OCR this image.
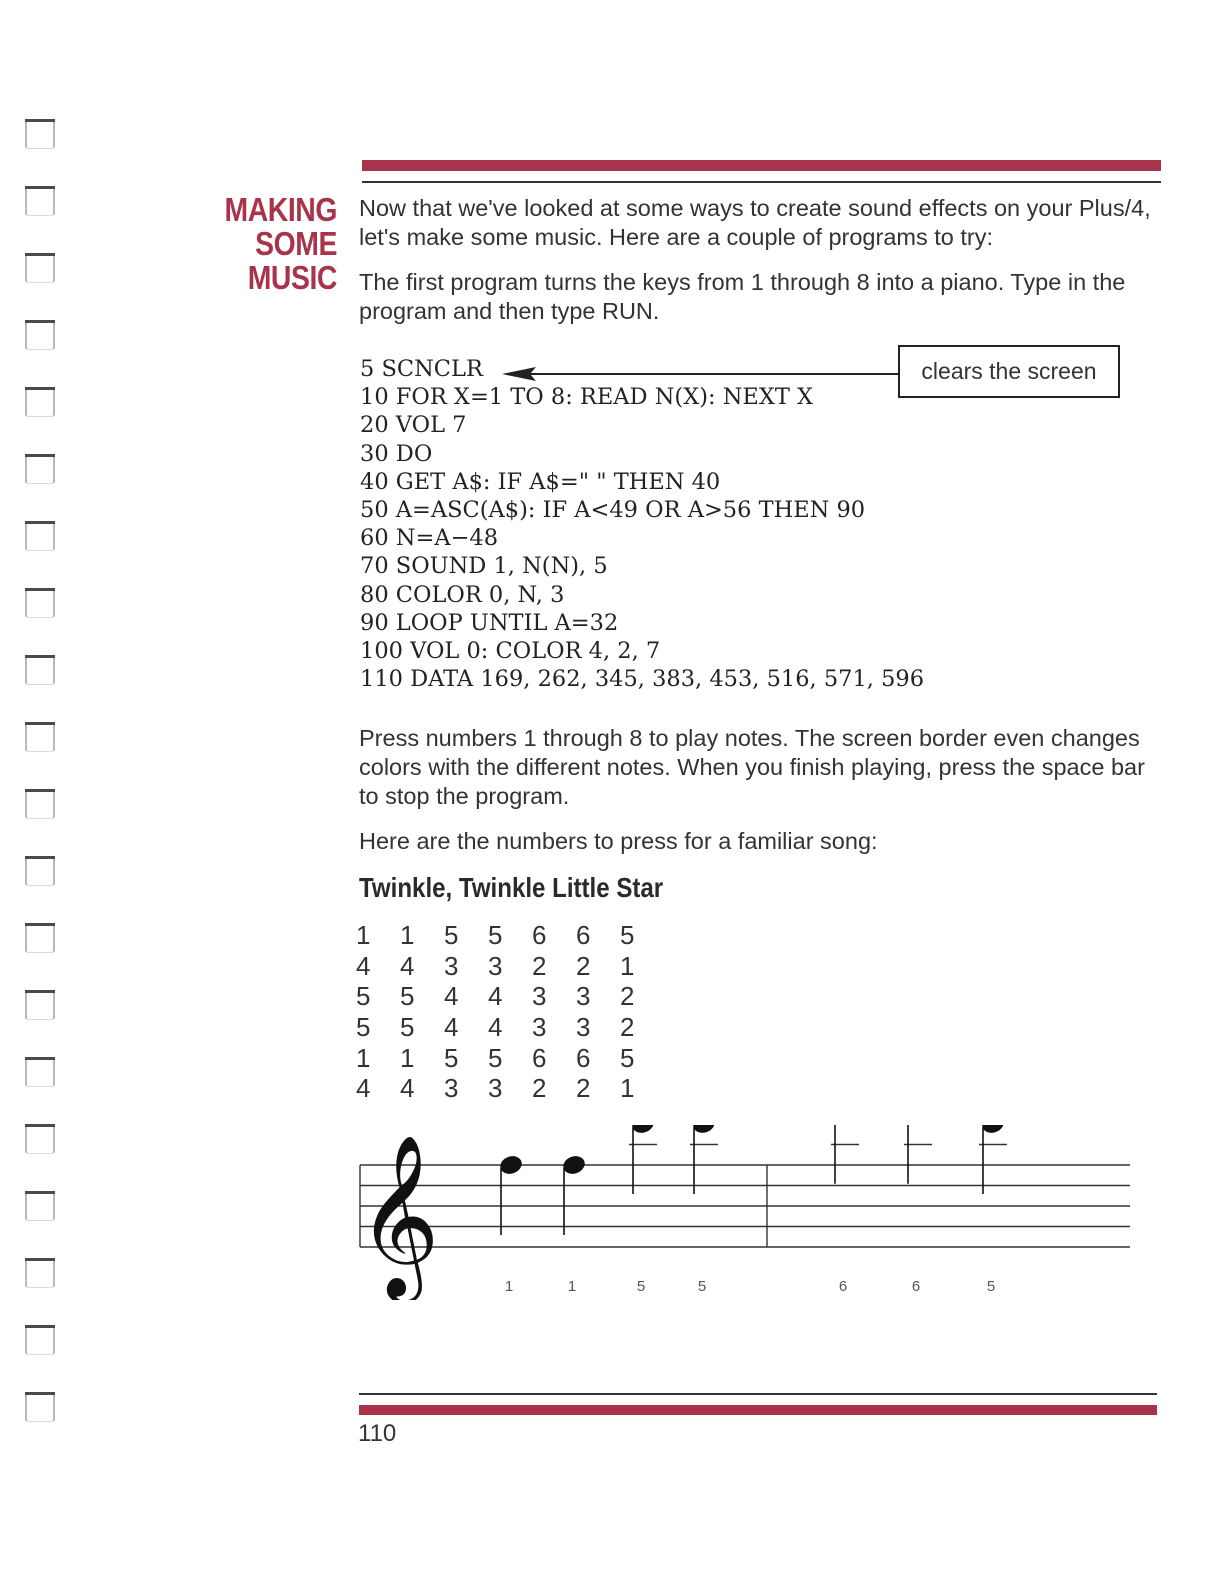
MAKING
SOME
MUSIC

Now that we've looked at some ways to create sound effects on your Plus/4, let's make some music. Here are a couple of programs to try:

The first program turns the keys from 1 through 8 into a piano. Type in the program and then type RUN.

5 SCNCLR
10 FOR X=1 TO 8: READ N(X): NEXT X
20 VOL 7
30 DO
40 GET A$: IF A$=" " THEN 40
50 A=ASC(A$): IF A<49 OR A>56 THEN 90
60 N=A−48
70 SOUND 1, N(N), 5
80 COLOR 0, N, 3
90 LOOP UNTIL A=32
100 VOL 0: COLOR 4, 2, 7
110 DATA 169, 262, 345, 383, 453, 516, 571, 596
clears the screen

Press numbers 1 through 8 to play notes. The screen border even changes colors with the different notes. When you finish playing, press the space bar to stop the program.

Here are the numbers to press for a familiar song:

Twinkle, Twinkle Little Star
1 1 5 5 6 6 5
4 4 3 3 2 2 1
5 5 4 4 3 3 2
5 5 4 4 3 3 2
1 1 5 5 6 6 5
4 4 3 3 2 2 1
𝄞	1	1	5	5	6	6	5
110
